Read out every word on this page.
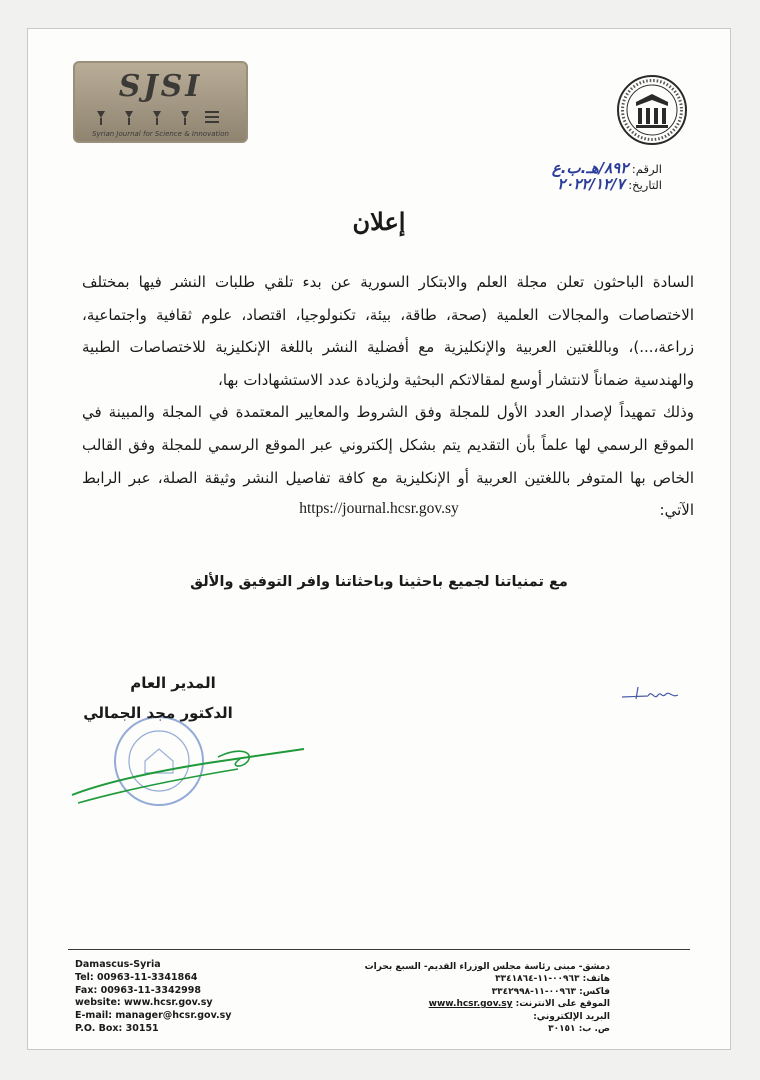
SJSI
Syrian Journal for Science & Innovation
الرقم: ٨٩٢/هـ.ب.ع
التاريخ: ٢٠٢٢/١٢/٧
إعلان

السادة الباحثون تعلن مجلة العلم والابتكار السورية عن بدء تلقي طلبات النشر فيها بمختلف الاختصاصات والمجالات العلمية (صحة، طاقة، بيئة، تكنولوجيا، اقتصاد، علوم ثقافية واجتماعية، زراعة،...)، وباللغتين العربية والإنكليزية مع أفضلية النشر باللغة الإنكليزية للاختصاصات الطبية والهندسية ضماناً لانتشار أوسع لمقالاتكم البحثية ولزيادة عدد الاستشهادات بها،

وذلك تمهيداً لإصدار العدد الأول للمجلة وفق الشروط والمعايير المعتمدة في المجلة والمبينة في الموقع الرسمي لها علماً بأن التقديم يتم بشكل إلكتروني عبر الموقع الرسمي للمجلة وفق القالب الخاص بها المتوفر باللغتين العربية أو الإنكليزية مع كافة تفاصيل النشر وثيقة الصلة، عبر الرابط الآتي:

https://journal.hcsr.gov.sy
مع تمنياتنا لجميع باحثينا وباحثاتنا وافر التوفيق والألق
المدير العام
الدكتور مجد الجمالي
Damascus-Syria
Tel: 00963-11-3341864
Fax: 00963-11-3342998
website: www.hcsr.gov.sy
E-mail: manager@hcsr.gov.sy
P.O. Box: 30151
دمشق- مبنى رئاسة مجلس الوزراء القديم- السبع بحرات
هاتف: ٠٠٩٦٣-١١-٣٣٤١٨٦٤
فاكس: ٠٠٩٦٣-١١-٣٣٤٢٩٩٨
الموقع على الانترنت: www.hcsr.gov.sy
البريد الإلكتروني:
ص. ب: ٣٠١٥١
